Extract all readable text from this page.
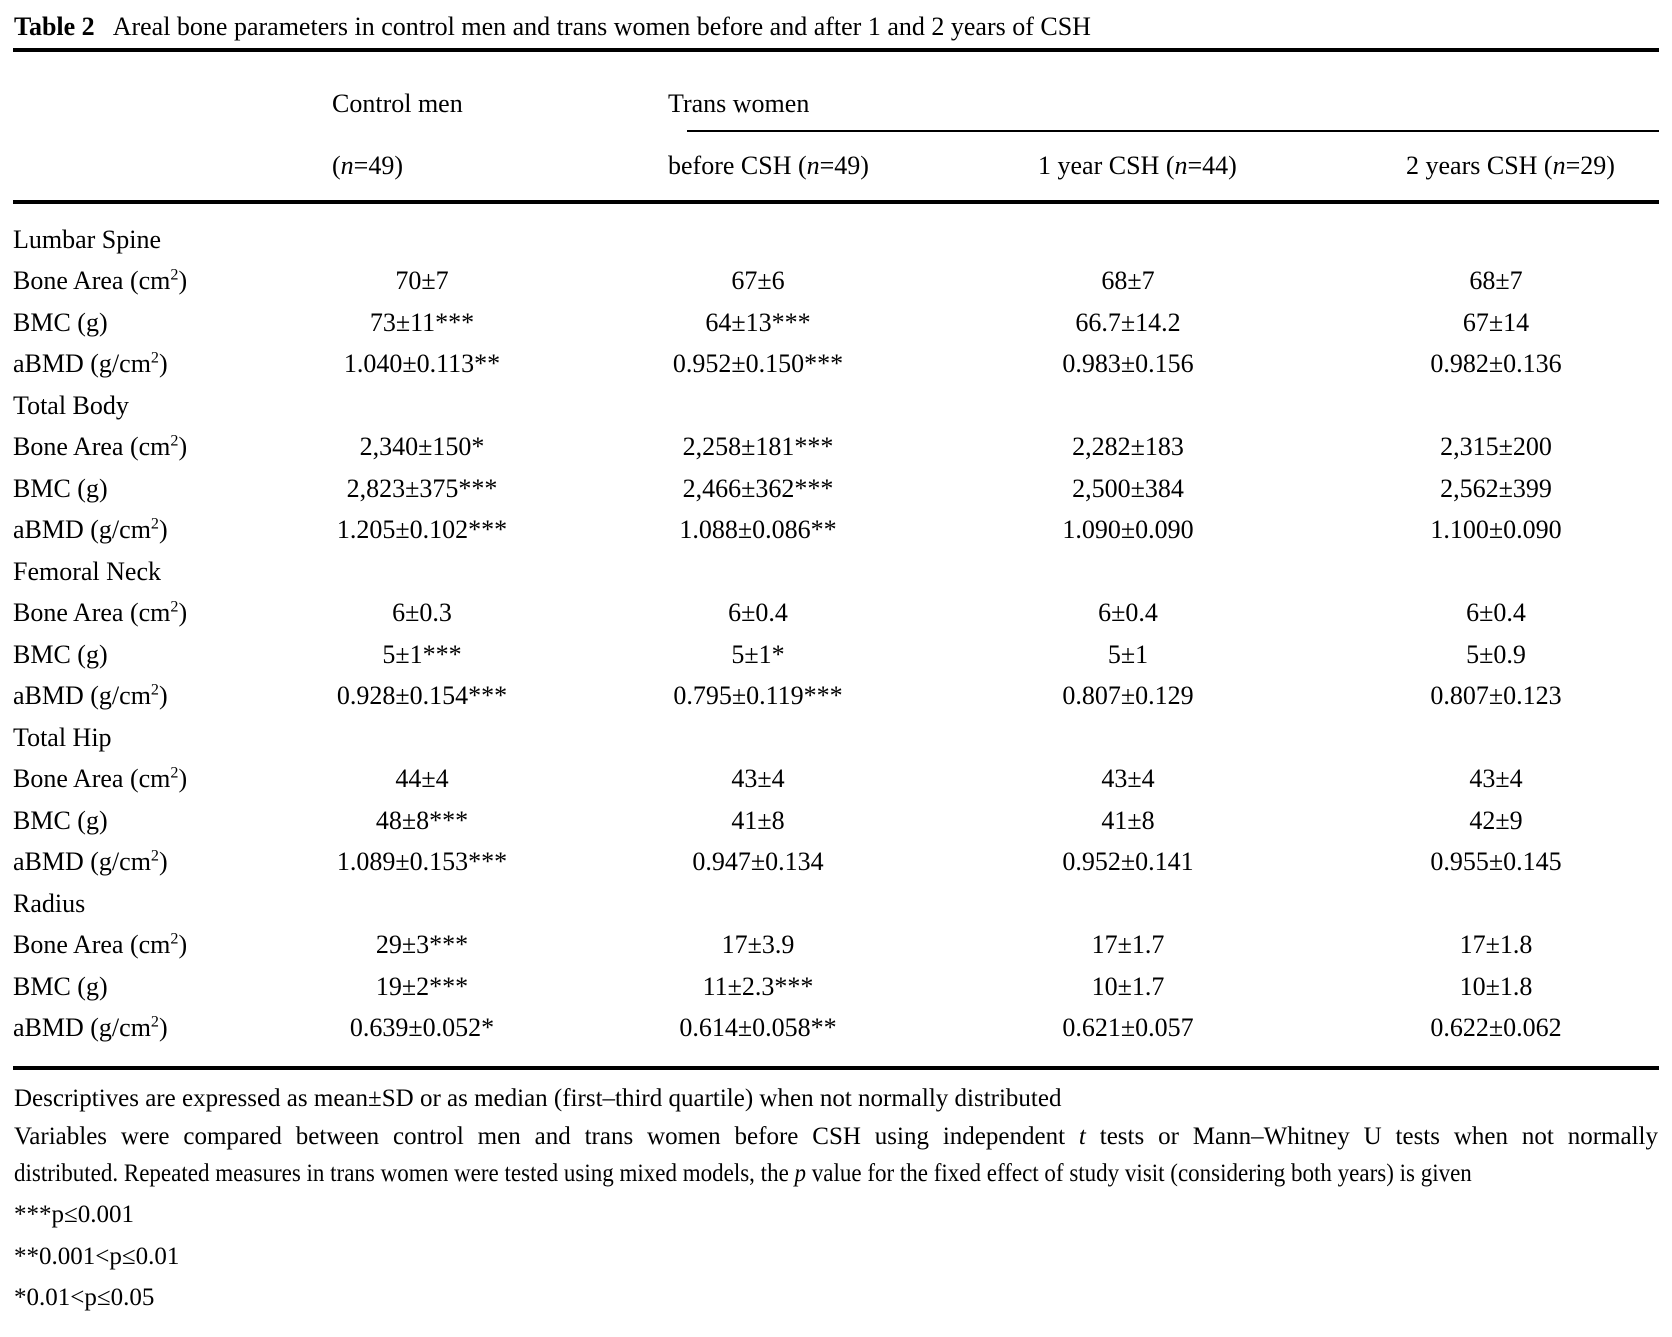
Table 2 Areal bone parameters in control men and trans women before and after 1 and 2 years of CSH
	Control men	Trans women		

	(n=49)	before CSH (n=49)	1 year CSH (n=44)	2 years CSH (n=29)

Lumbar Spine				
Bone Area $(cm^2)$	70±7	67±6	68±7	68±7
BMC (g)	73±11***	64±13***	66.7±14.2	67±14
aBMD $(g/cm^2)$	1.040±0.113**	0.952±0.150***	0.983±0.156	0.982±0.136
Total Body				
Bone Area $(cm^2)$	2,340±150*	2,258±181***	2,282±183	2,315±200
BMC (g)	2,823±375***	2,466±362***	2,500±384	2,562±399
aBMD $(g/cm^2)$	1.205±0.102***	1.088±0.086**	1.090±0.090	1.100±0.090
Femoral Neck				
Bone Area $(cm^2)$	6±0.3	6±0.4	6±0.4	6±0.4
BMC (g)	5±1***	5±1*	5±1	5±0.9
aBMD $(g/cm^2)$	0.928±0.154***	0.795±0.119***	0.807±0.129	0.807±0.123
Total Hip				
Bone Area $(cm^2)$	44±4	43±4	43±4	43±4
BMC (g)	48±8***	41±8	41±8	42±9
aBMD $(g/cm^2)$	1.089±0.153***	0.947±0.134	0.952±0.141	0.955±0.145
Radius				
Bone Area $(cm^2)$	29±3***	17±3.9	17±1.7	17±1.8
BMC (g)	19±2***	11±2.3***	10±1.7	10±1.8
aBMD $(g/cm^2)$	0.639±0.052*	0.614±0.058**	0.621±0.057	0.622±0.062

Descriptives are expressed as mean±SD or as median (first–third quartile) when not normally distributed
Variables were compared between control men and trans women before CSH using independent t tests or Mann–Whitney U tests when not normally
distributed. Repeated measures in trans women were tested using mixed models, the p value for the fixed effect of study visit (considering both years) is given
***p≤0.001
**0.001<p≤0.01
*0.01<p≤0.05
